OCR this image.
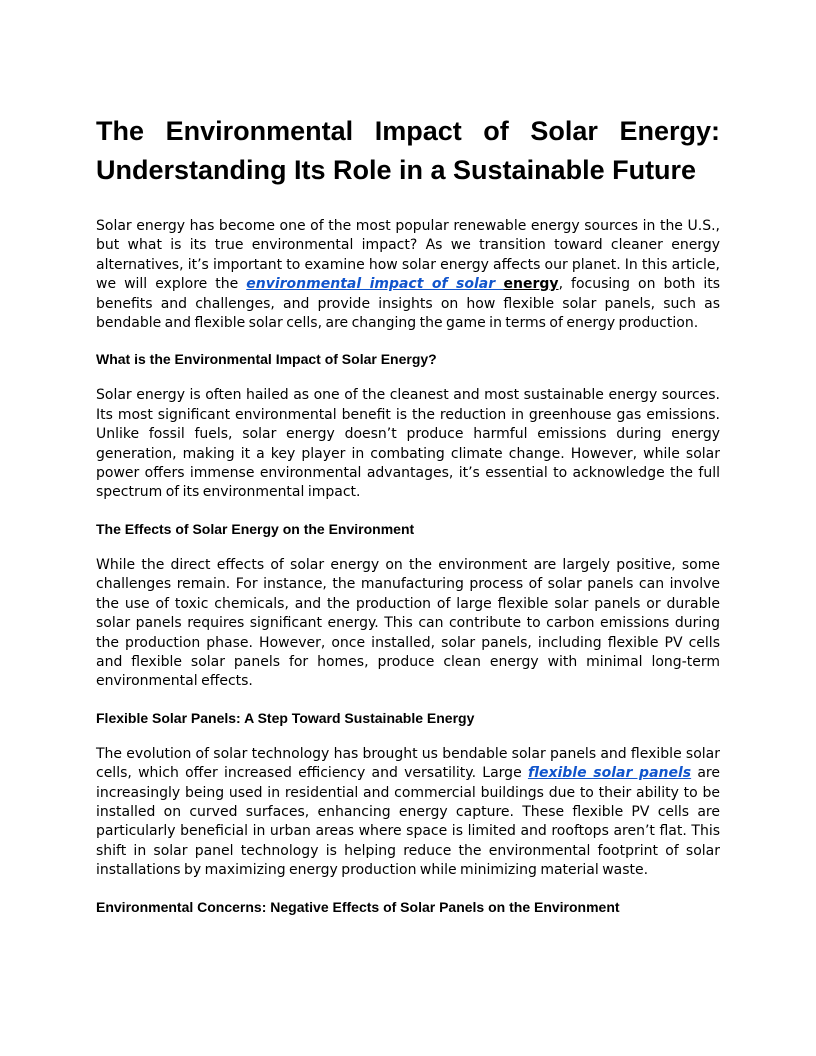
The Environmental Impact of Solar Energy: Understanding Its Role in a Sustainable Future

Solar energy has become one of the most popular renewable energy sources in the U.S., but what is its true environmental impact? As we transition toward cleaner energy alternatives, it’s important to examine how solar energy affects our planet. In this article, we will explore the environmental impact of solar energy, focusing on both its benefits and challenges, and provide insights on how flexible solar panels, such as bendable and flexible solar cells, are changing the game in terms of energy production.

What is the Environmental Impact of Solar Energy?

Solar energy is often hailed as one of the cleanest and most sustainable energy sources. Its most significant environmental benefit is the reduction in greenhouse gas emissions. Unlike fossil fuels, solar energy doesn’t produce harmful emissions during energy generation, making it a key player in combating climate change. However, while solar power offers immense environmental advantages, it’s essential to acknowledge the full spectrum of its environmental impact.

The Effects of Solar Energy on the Environment

While the direct effects of solar energy on the environment are largely positive, some challenges remain. For instance, the manufacturing process of solar panels can involve the use of toxic chemicals, and the production of large flexible solar panels or durable solar panels requires significant energy. This can contribute to carbon emissions during the production phase. However, once installed, solar panels, including flexible PV cells and flexible solar panels for homes, produce clean energy with minimal long-term environmental effects.

Flexible Solar Panels: A Step Toward Sustainable Energy

The evolution of solar technology has brought us bendable solar panels and flexible solar cells, which offer increased efficiency and versatility. Large flexible solar panels are increasingly being used in residential and commercial buildings due to their ability to be installed on curved surfaces, enhancing energy capture. These flexible PV cells are particularly beneficial in urban areas where space is limited and rooftops aren’t flat. This shift in solar panel technology is helping reduce the environmental footprint of solar installations by maximizing energy production while minimizing material waste.

Environmental Concerns: Negative Effects of Solar Panels on the Environment
